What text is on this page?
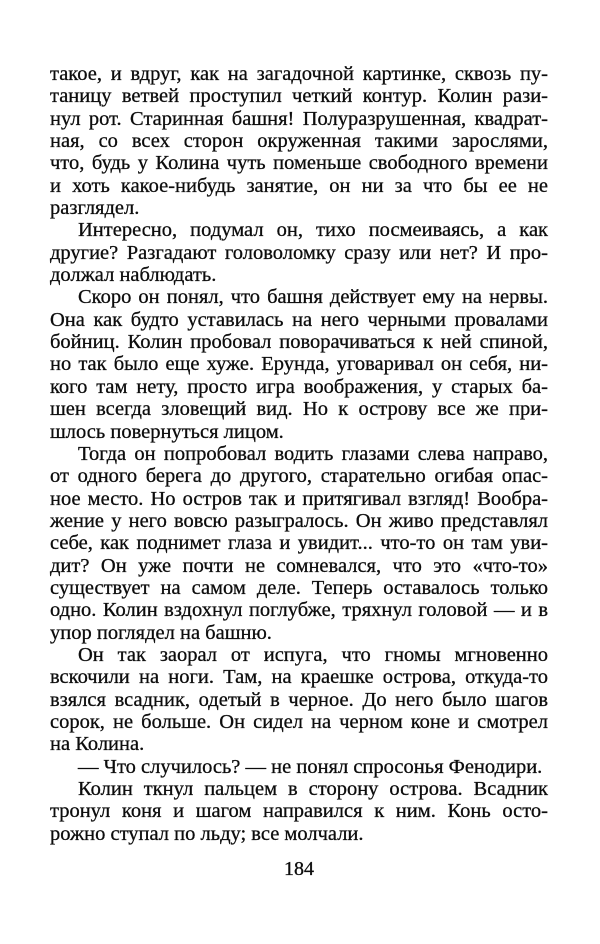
такое, и вдруг, как на загадочной картинке, сквозь пу-
таницу ветвей проступил четкий контур. Колин рази-
нул рот. Старинная башня! Полуразрушенная, квадрат-
ная, со всех сторон окруженная такими зарослями,
что, будь у Колина чуть поменьше свободного времени
и хоть какое-нибудь занятие, он ни за что бы ее не
разглядел.
Интересно, подумал он, тихо посмеиваясь, а как
другие? Разгадают головоломку сразу или нет? И про-
должал наблюдать.
Скоро он понял, что башня действует ему на нервы.
Она как будто уставилась на него черными провалами
бойниц. Колин пробовал поворачиваться к ней спиной,
но так было еще хуже. Ерунда, уговаривал он себя, ни-
кого там нету, просто игра воображения, у старых ба-
шен всегда зловещий вид. Но к острову все же при-
шлось повернуться лицом.
Тогда он попробовал водить глазами слева направо,
от одного берега до другого, старательно огибая опас-
ное место. Но остров так и притягивал взгляд! Вообра-
жение у него вовсю разыгралось. Он живо представлял
себе, как поднимет глаза и увидит... что-то он там уви-
дит? Он уже почти не сомневался, что это «что-то»
существует на самом деле. Теперь оставалось только
одно. Колин вздохнул поглубже, тряхнул головой — и в
упор поглядел на башню.
Он так заорал от испуга, что гномы мгновенно
вскочили на ноги. Там, на краешке острова, откуда-то
взялся всадник, одетый в черное. До него было шагов
сорок, не больше. Он сидел на черном коне и смотрел
на Колина.
— Что случилось? — не понял спросонья Фенодири.
Колин ткнул пальцем в сторону острова. Всадник
тронул коня и шагом направился к ним. Конь осто-
рожно ступал по льду; все молчали.
184
